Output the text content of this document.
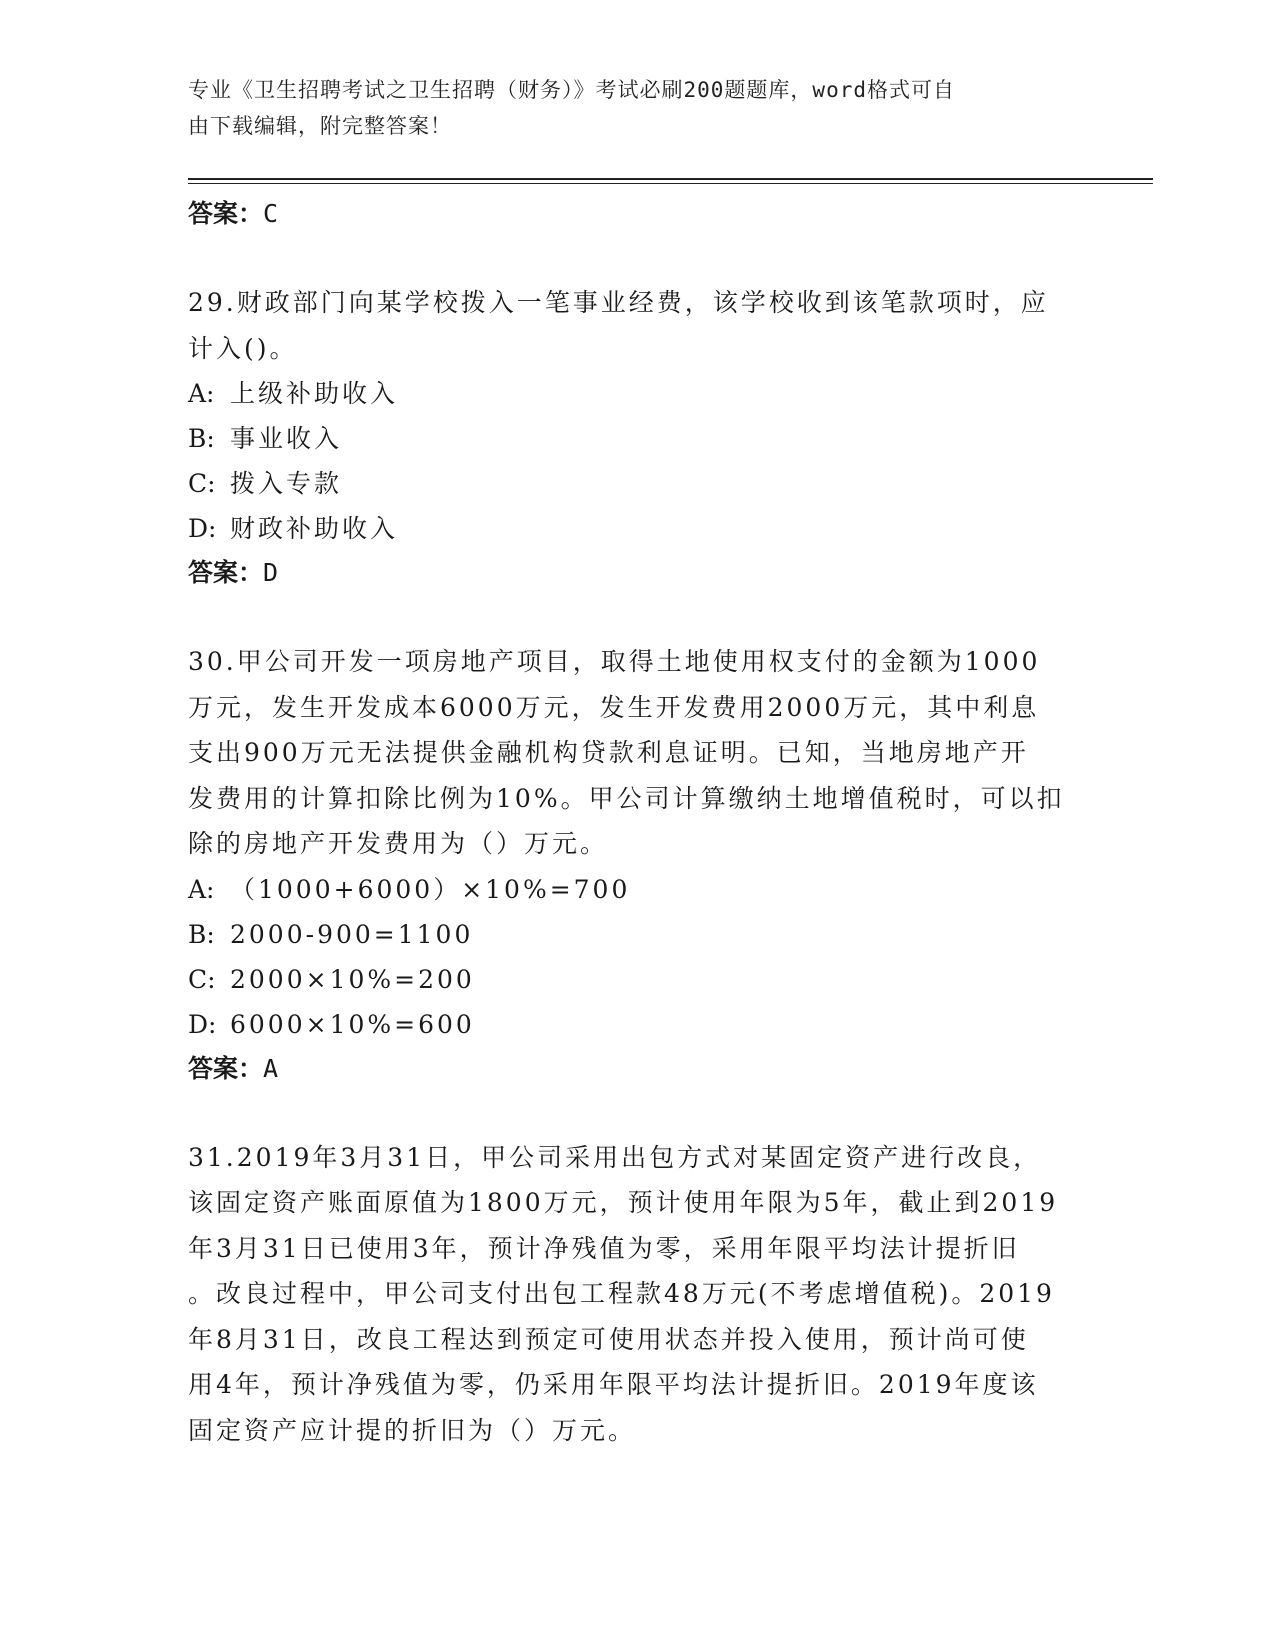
专业《卫生招聘考试之卫生招聘（财务）》考试必刷200题题库，word格式可自
由下载编辑，附完整答案！
答案：C
29.财政部门向某学校拨入一笔事业经费，该学校收到该笔款项时，应
计入()。
A: 上级补助收入
B: 事业收入
C: 拨入专款
D: 财政补助收入
答案：D
30.甲公司开发一项房地产项目，取得土地使用权支付的金额为1000
万元，发生开发成本6000万元，发生开发费用2000万元，其中利息
支出900万元无法提供金融机构贷款利息证明。已知，当地房地产开
发费用的计算扣除比例为10%。甲公司计算缴纳土地增值税时，可以扣
除的房地产开发费用为（）万元。
A: （1000+6000）×10%=700
B: 2000-900=1100
C: 2000×10%=200
D: 6000×10%=600
答案：A
31.2019年3月31日，甲公司采用出包方式对某固定资产进行改良，
该固定资产账面原值为1800万元，预计使用年限为5年，截止到2019
年3月31日已使用3年，预计净残值为零，采用年限平均法计提折旧
。改良过程中，甲公司支付出包工程款48万元(不考虑增值税)。2019
年8月31日，改良工程达到预定可使用状态并投入使用，预计尚可使
用4年，预计净残值为零，仍采用年限平均法计提折旧。2019年度该
固定资产应计提的折旧为（）万元。
